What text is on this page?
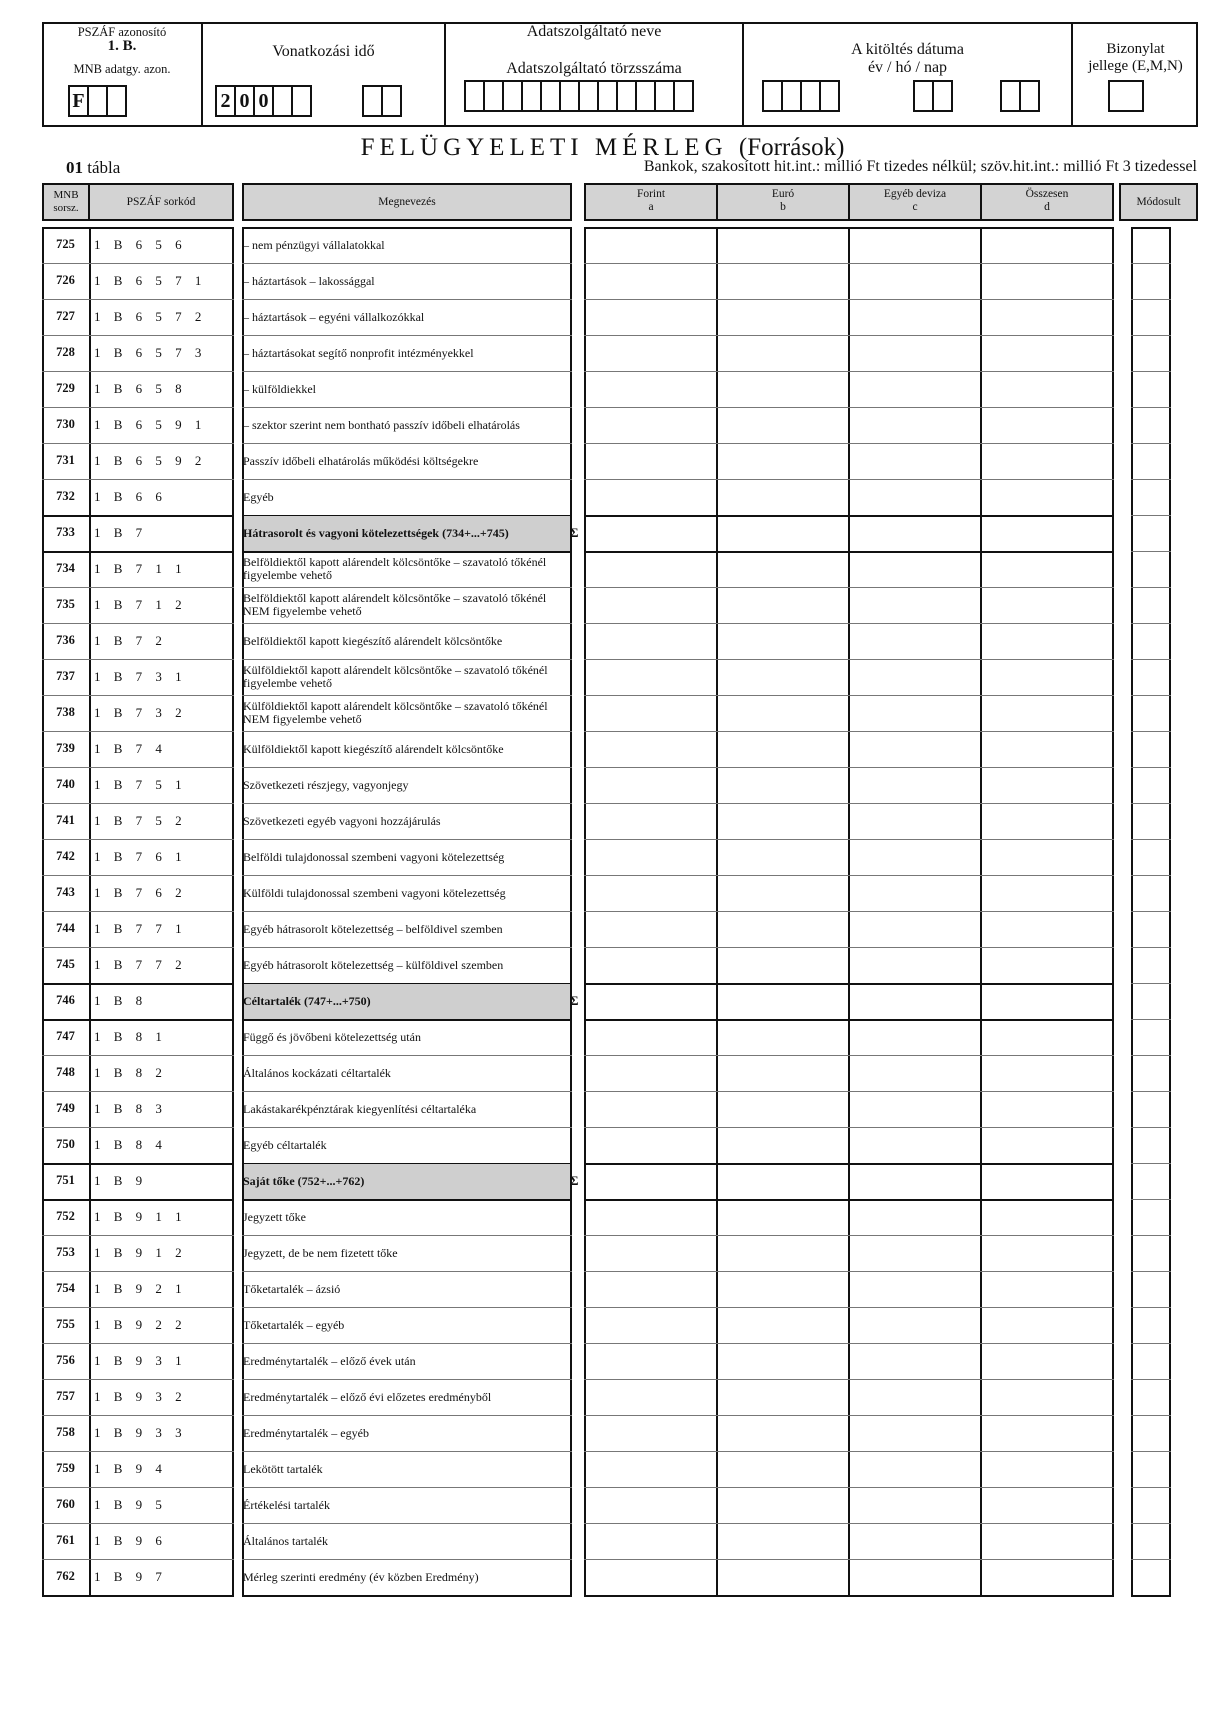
PSZÁF azonosító
1. B.
MNB adatgy. azon.
F
Vonatkozási idő
2 0 0
Adatszolgáltató neve
Adatszolgáltató törzsszáma
A kitöltés dátuma
év / hó / nap
Bizonylat
jellege (E,M,N)
FELÜGYELETI MÉRLEG (Források)
01 tábla	Bankok, szakosított hit.int.: millió Ft tizedes nélkül; szöv.hit.int.: millió Ft 3 tizedessel
MNB
sorsz.	PSZÁF sorkód	Megnevezés
Forint
a
Euró
b
Egyéb deviza
c
Összesen
d	Módosult
725	1 B 6 5 6	– nem pénzügyi vállalatokkal
726	1 B 6 5 7 1	– háztartások – lakossággal
727	1 B 6 5 7 2	– háztartások – egyéni vállalkozókkal
728	1 B 6 5 7 3	– háztartásokat segítő nonprofit intézményekkel
729	1 B 6 5 8	– külföldiekkel
730	1 B 6 5 9 1	– szektor szerint nem bontható passzív időbeli elhatárolás
731	1 B 6 5 9 2	Passzív időbeli elhatárolás működési költségekre
732	1 B 6 6	Egyéb
733	1 B 7	Hátrasorolt és vagyoni kötelezettségek (734+...+745)	Σ
734	1 B 7 1 1	Belföldiektől kapott alárendelt kölcsöntőke – szavatoló tőkénél figyelembe vehető
735	1 B 7 1 2	Belföldiektől kapott alárendelt kölcsöntőke – szavatoló tőkénél NEM figyelembe vehető
736	1 B 7 2	Belföldiektől kapott kiegészítő alárendelt kölcsöntőke
737	1 B 7 3 1	Külföldiektől kapott alárendelt kölcsöntőke – szavatoló tőkénél figyelembe vehető
738	1 B 7 3 2	Külföldiektől kapott alárendelt kölcsöntőke – szavatoló tőkénél NEM figyelembe vehető
739	1 B 7 4	Külföldiektől kapott kiegészítő alárendelt kölcsöntőke
740	1 B 7 5 1	Szövetkezeti részjegy, vagyonjegy
741	1 B 7 5 2	Szövetkezeti egyéb vagyoni hozzájárulás
742	1 B 7 6 1	Belföldi tulajdonossal szembeni vagyoni kötelezettség
743	1 B 7 6 2	Külföldi tulajdonossal szembeni vagyoni kötelezettség
744	1 B 7 7 1	Egyéb hátrasorolt kötelezettség – belföldivel szemben
745	1 B 7 7 2	Egyéb hátrasorolt kötelezettség – külföldivel szemben
746	1 B 8	Céltartalék (747+...+750)	Σ
747	1 B 8 1	Függő és jövőbeni kötelezettség után
748	1 B 8 2	Általános kockázati céltartalék
749	1 B 8 3	Lakástakarékpénztárak kiegyenlítési céltartaléka
750	1 B 8 4	Egyéb céltartalék
751	1 B 9	Saját tőke (752+...+762)	Σ
752	1 B 9 1 1	Jegyzett tőke
753	1 B 9 1 2	Jegyzett, de be nem fizetett tőke
754	1 B 9 2 1	Tőketartalék – ázsió
755	1 B 9 2 2	Tőketartalék – egyéb
756	1 B 9 3 1	Eredménytartalék – előző évek után
757	1 B 9 3 2	Eredménytartalék – előző évi előzetes eredményből
758	1 B 9 3 3	Eredménytartalék – egyéb
759	1 B 9 4	Lekötött tartalék
760	1 B 9 5	Értékelési tartalék
761	1 B 9 6	Általános tartalék
762	1 B 9 7	Mérleg szerinti eredmény (év közben Eredmény)
